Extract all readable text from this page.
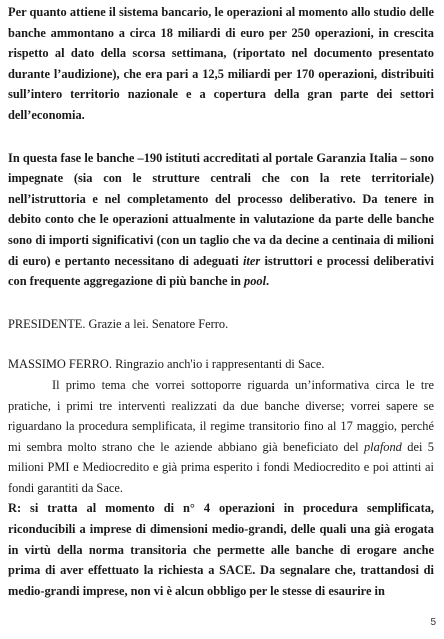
Per quanto attiene il sistema bancario, le operazioni al momento allo studio delle banche ammontano a circa 18 miliardi di euro per 250 operazioni, in crescita rispetto al dato della scorsa settimana, (riportato nel documento presentato durante l’audizione), che era pari a 12,5 miliardi per 170 operazioni, distribuiti sull’intero territorio nazionale e a copertura della gran parte dei settori dell’economia.

In questa fase le banche –190 istituti accreditati al portale Garanzia Italia – sono impegnate (sia con le strutture centrali che con la rete territoriale) nell’istruttoria e nel completamento del processo deliberativo. Da tenere in debito conto che le operazioni attualmente in valutazione da parte delle banche sono di importi significativi (con un taglio che va da decine a centinaia di milioni di euro) e pertanto necessitano di adeguati iter istruttori e processi deliberativi con frequente aggregazione di più banche in pool.

PRESIDENTE. Grazie a lei. Senatore Ferro.

MASSIMO FERRO. Ringrazio anch'io i rappresentanti di Sace.

Il primo tema che vorrei sottoporre riguarda un’informativa circa le tre pratiche, i primi tre interventi realizzati da due banche diverse; vorrei sapere se riguardano la procedura semplificata, il regime transitorio fino al 17 maggio, perché mi sembra molto strano che le aziende abbiano già beneficiato del plafond dei 5 milioni PMI e Mediocredito e già prima esperito i fondi Mediocredito e poi attinti ai fondi garantiti da Sace.

R: si tratta al momento di n° 4 operazioni in procedura semplificata, riconducibili a imprese di dimensioni medio-grandi, delle quali una già erogata in virtù della norma transitoria che permette alle banche di erogare anche prima di aver effettuato la richiesta a SACE. Da segnalare che, trattandosi di medio-grandi imprese, non vi è alcun obbligo per le stesse di esaurire in

5
